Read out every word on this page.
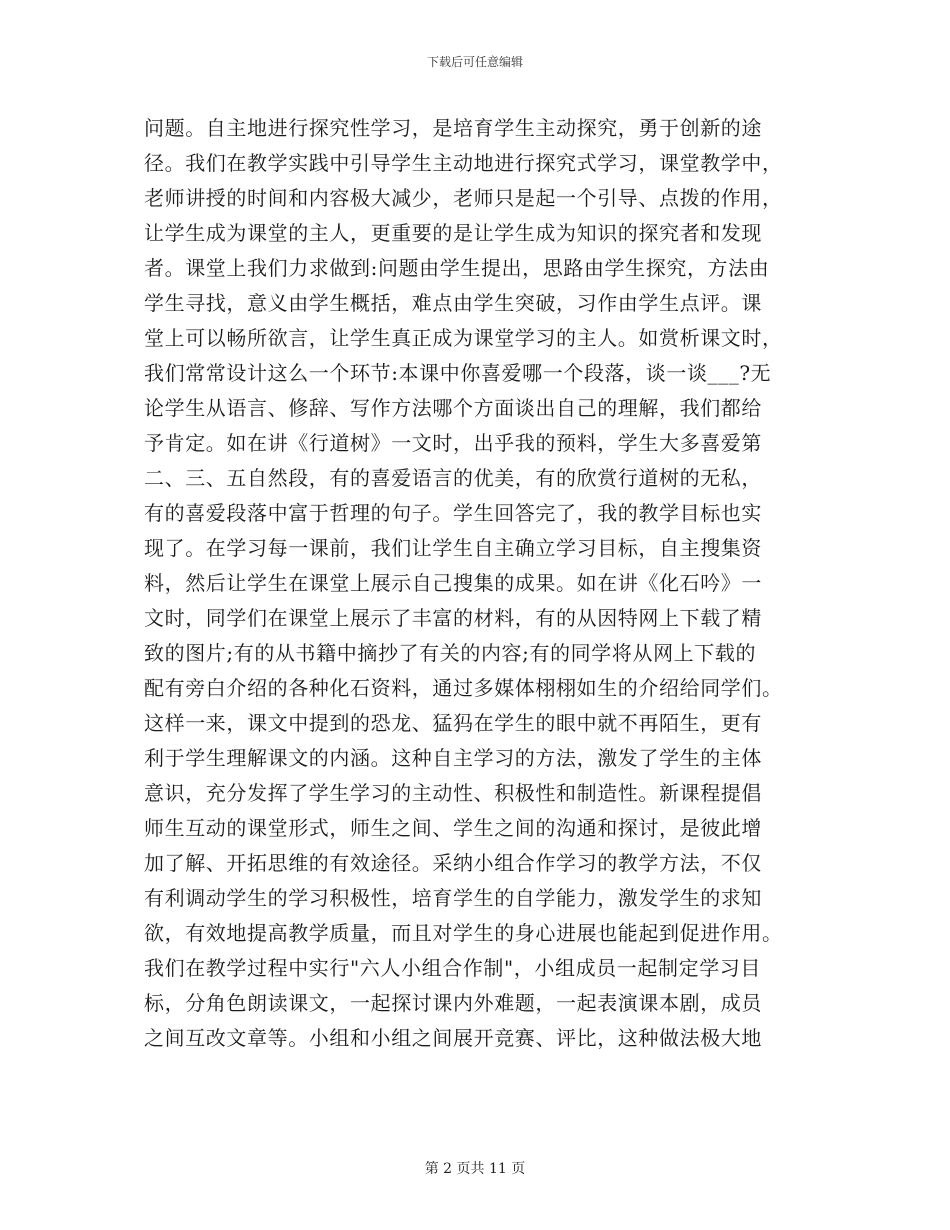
下载后可任意编辑
问题。自主地进行探究性学习，是培育学生主动探究，勇于创新的途
径。我们在教学实践中引导学生主动地进行探究式学习，课堂教学中，
老师讲授的时间和内容极大减少，老师只是起一个引导、点拨的作用，
让学生成为课堂的主人，更重要的是让学生成为知识的探究者和发现
者。课堂上我们力求做到:问题由学生提出，思路由学生探究，方法由
学生寻找，意义由学生概括，难点由学生突破，习作由学生点评。课
堂上可以畅所欲言，让学生真正成为课堂学习的主人。如赏析课文时，
我们常常设计这么一个环节:本课中你喜爱哪一个段落，谈一谈___?无
论学生从语言、修辞、写作方法哪个方面谈出自己的理解，我们都给
予肯定。如在讲《行道树》一文时，出乎我的预料，学生大多喜爱第
二、三、五自然段，有的喜爱语言的优美，有的欣赏行道树的无私，
有的喜爱段落中富于哲理的句子。学生回答完了，我的教学目标也实
现了。在学习每一课前，我们让学生自主确立学习目标，自主搜集资
料，然后让学生在课堂上展示自己搜集的成果。如在讲《化石吟》一
文时，同学们在课堂上展示了丰富的材料，有的从因特网上下载了精
致的图片;有的从书籍中摘抄了有关的内容;有的同学将从网上下载的
配有旁白介绍的各种化石资料，通过多媒体栩栩如生的介绍给同学们。
这样一来，课文中提到的恐龙、猛犸在学生的眼中就不再陌生，更有
利于学生理解课文的内涵。这种自主学习的方法，激发了学生的主体
意识，充分发挥了学生学习的主动性、积极性和制造性。新课程提倡
师生互动的课堂形式，师生之间、学生之间的沟通和探讨，是彼此增
加了解、开拓思维的有效途径。采纳小组合作学习的教学方法，不仅
有利调动学生的学习积极性，培育学生的自学能力，激发学生的求知
欲，有效地提高教学质量，而且对学生的身心进展也能起到促进作用。
我们在教学过程中实行"六人小组合作制"，小组成员一起制定学习目
标，分角色朗读课文，一起探讨课内外难题，一起表演课本剧，成员
之间互改文章等。小组和小组之间展开竞赛、评比，这种做法极大地
第 2 页共 11 页
